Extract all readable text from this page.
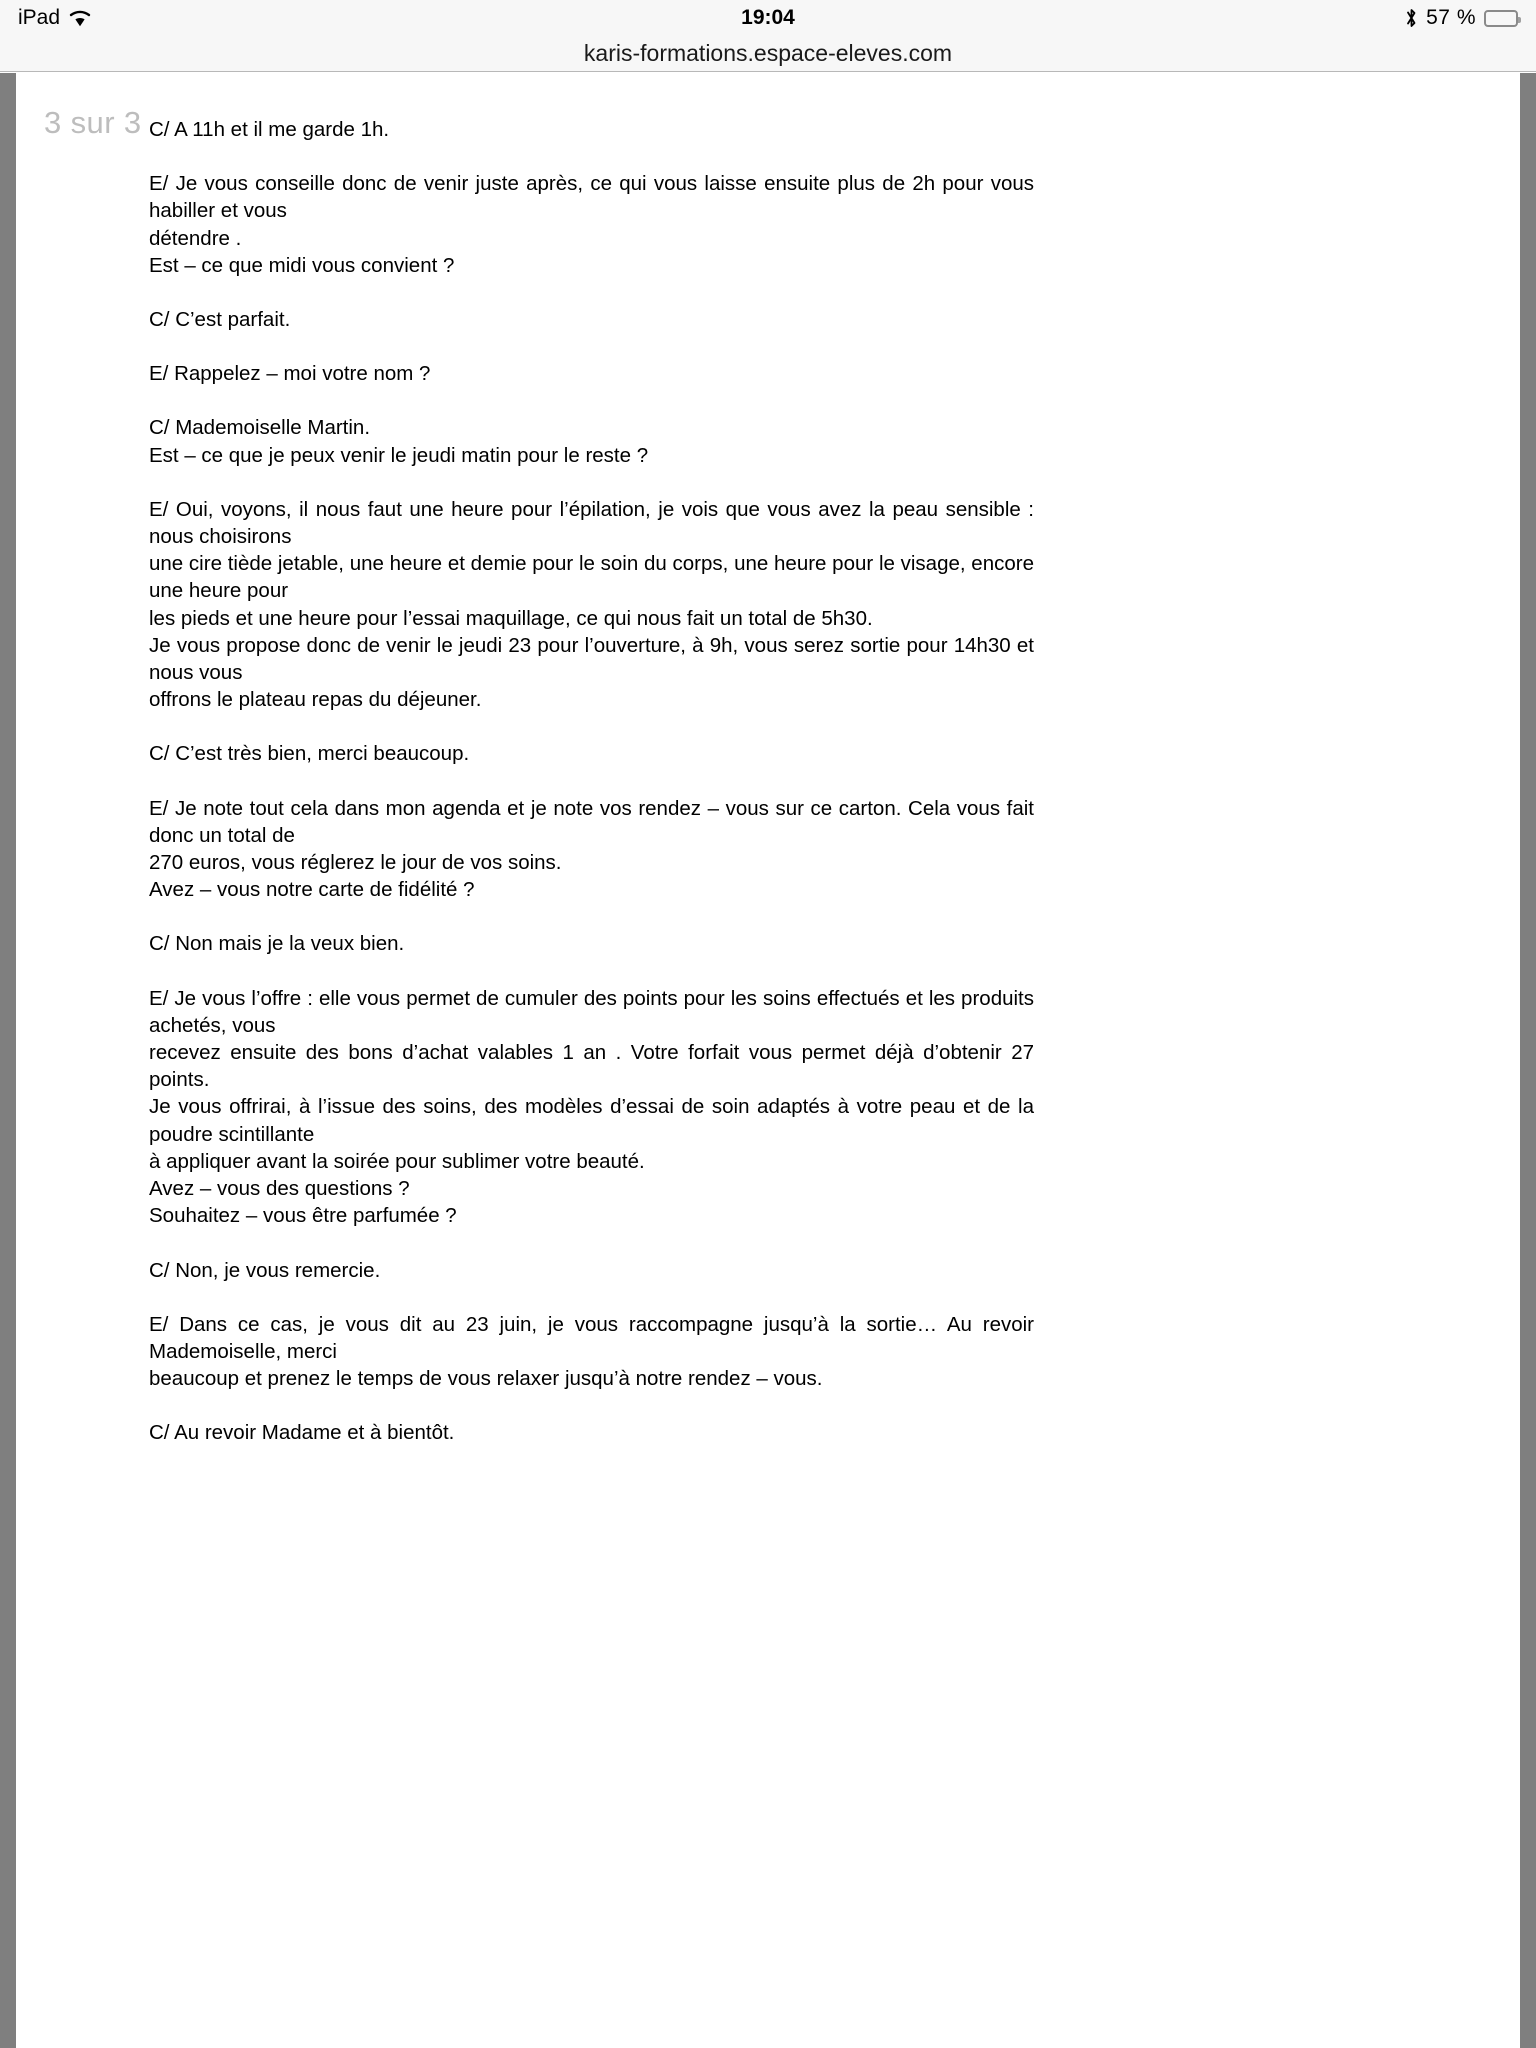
iPad	19:04	57 %
karis-formations.espace-eleves.com
3 sur 3 C/ A 11h et il me garde 1h.

E/ Je vous conseille donc de venir juste après, ce qui vous laisse ensuite plus de 2h pour vous habiller et vous
détendre .
Est – ce que midi vous convient ?

C/ C’est parfait.

E/ Rappelez – moi votre nom ?

C/ Mademoiselle Martin.
Est – ce que je peux venir le jeudi matin pour le reste ?

E/ Oui, voyons, il nous faut une heure pour l’épilation, je vois que vous avez la peau sensible : nous choisirons
une cire tiède jetable, une heure et demie pour le soin du corps, une heure pour le visage, encore une heure pour
les pieds et une heure pour l’essai maquillage, ce qui nous fait un total de 5h30.
Je vous propose donc de venir le jeudi 23 pour l’ouverture, à 9h, vous serez sortie pour 14h30 et nous vous
offrons le plateau repas du déjeuner.

C/ C’est très bien, merci beaucoup.

E/ Je note tout cela dans mon agenda et je note vos rendez – vous sur ce carton. Cela vous fait donc un total de
270 euros, vous réglerez le jour de vos soins.
Avez – vous notre carte de fidélité ?

C/ Non mais je la veux bien.

E/ Je vous l’offre : elle vous permet de cumuler des points pour les soins effectués et les produits achetés, vous
recevez ensuite des bons d’achat valables 1 an . Votre forfait vous permet déjà d’obtenir 27 points.
Je vous offrirai, à l’issue des soins, des modèles d’essai de soin adaptés à votre peau et de la poudre scintillante
à appliquer avant la soirée pour sublimer votre beauté.
Avez – vous des questions ?
Souhaitez – vous être parfumée ?

C/ Non, je vous remercie.

E/ Dans ce cas, je vous dit au 23 juin, je vous raccompagne jusqu’à la sortie… Au revoir Mademoiselle, merci
beaucoup et prenez le temps de vous relaxer jusqu’à notre rendez – vous.

C/ Au revoir Madame et à bientôt.
